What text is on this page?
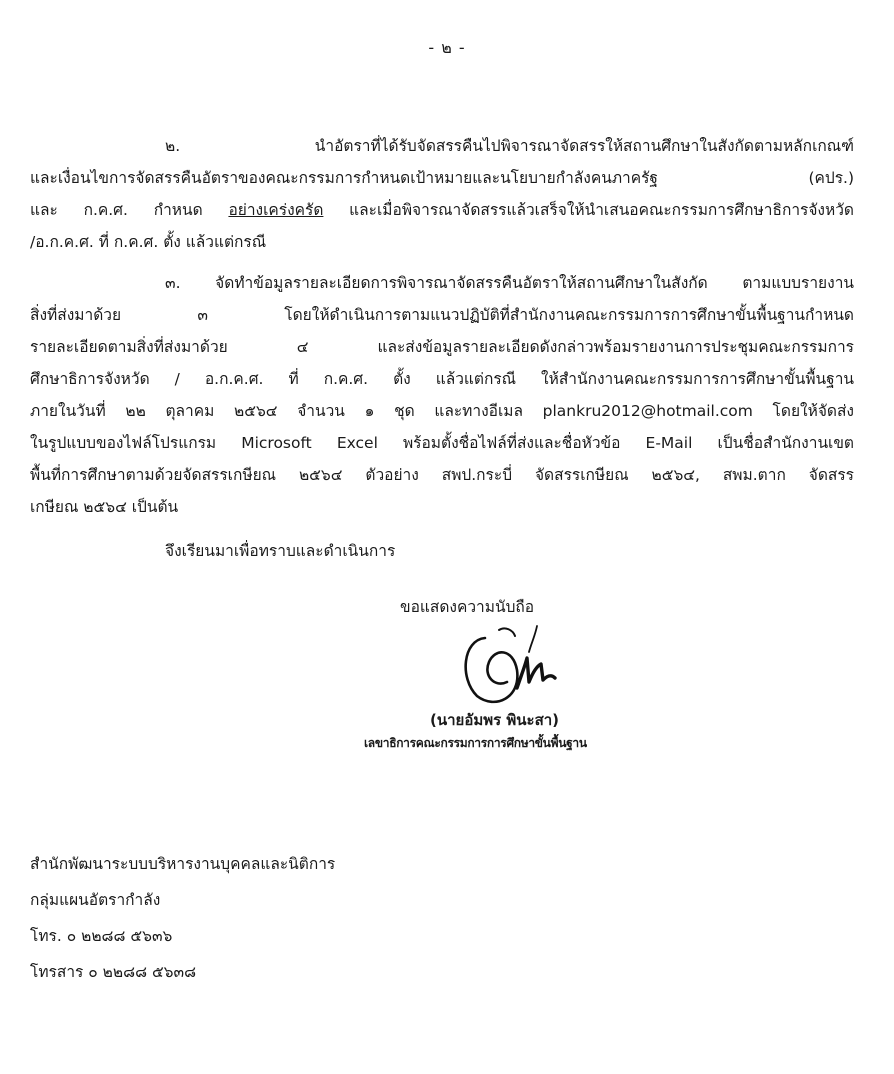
- ๒ -
๒. นำอัตราที่ได้รับจัดสรรคืนไปพิจารณาจัดสรรให้สถานศึกษาในสังกัดตามหลักเกณฑ์
และเงื่อนไขการจัดสรรคืนอัตราของคณะกรรมการกำหนดเป้าหมายและนโยบายกำลังคนภาครัฐ (คปร.)
และ ก.ค.ศ. กำหนด อย่างเคร่งครัด และเมื่อพิจารณาจัดสรรแล้วเสร็จให้นำเสนอคณะกรรมการศึกษาธิการจังหวัด
/อ.ก.ค.ศ. ที่ ก.ค.ศ. ตั้ง แล้วแต่กรณี
๓. จัดทำข้อมูลรายละเอียดการพิจารณาจัดสรรคืนอัตราให้สถานศึกษาในสังกัด ตามแบบรายงาน
สิ่งที่ส่งมาด้วย ๓ โดยให้ดำเนินการตามแนวปฏิบัติที่สำนักงานคณะกรรมการการศึกษาขั้นพื้นฐานกำหนด
รายละเอียดตามสิ่งที่ส่งมาด้วย ๔ และส่งข้อมูลรายละเอียดดังกล่าวพร้อมรายงานการประชุมคณะกรรมการ
ศึกษาธิการจังหวัด / อ.ก.ค.ศ. ที่ ก.ค.ศ. ตั้ง แล้วแต่กรณี ให้สำนักงานคณะกรรมการการศึกษาขั้นพื้นฐาน
ภายในวันที่ ๒๒ ตุลาคม ๒๕๖๔ จำนวน ๑ ชุด และทางอีเมล plankru2012@hotmail.com โดยให้จัดส่ง
ในรูปแบบของไฟล์โปรแกรม Microsoft Excel พร้อมตั้งชื่อไฟล์ที่ส่งและชื่อหัวข้อ E-Mail เป็นชื่อสำนักงานเขต
พื้นที่การศึกษาตามด้วยจัดสรรเกษียณ ๒๕๖๔ ตัวอย่าง สพป.กระบี่ จัดสรรเกษียณ ๒๕๖๔, สพม.ตาก จัดสรร
เกษียณ ๒๕๖๔ เป็นต้น
จึงเรียนมาเพื่อทราบและดำเนินการ
ขอแสดงความนับถือ
(นายอัมพร พินะสา)
เลขาธิการคณะกรรมการการศึกษาขั้นพื้นฐาน
สำนักพัฒนาระบบบริหารงานบุคคลและนิติการ
กลุ่มแผนอัตรากำลัง
โทร. ๐ ๒๒๘๘ ๕๖๓๖
โทรสาร ๐ ๒๒๘๘ ๕๖๓๘
